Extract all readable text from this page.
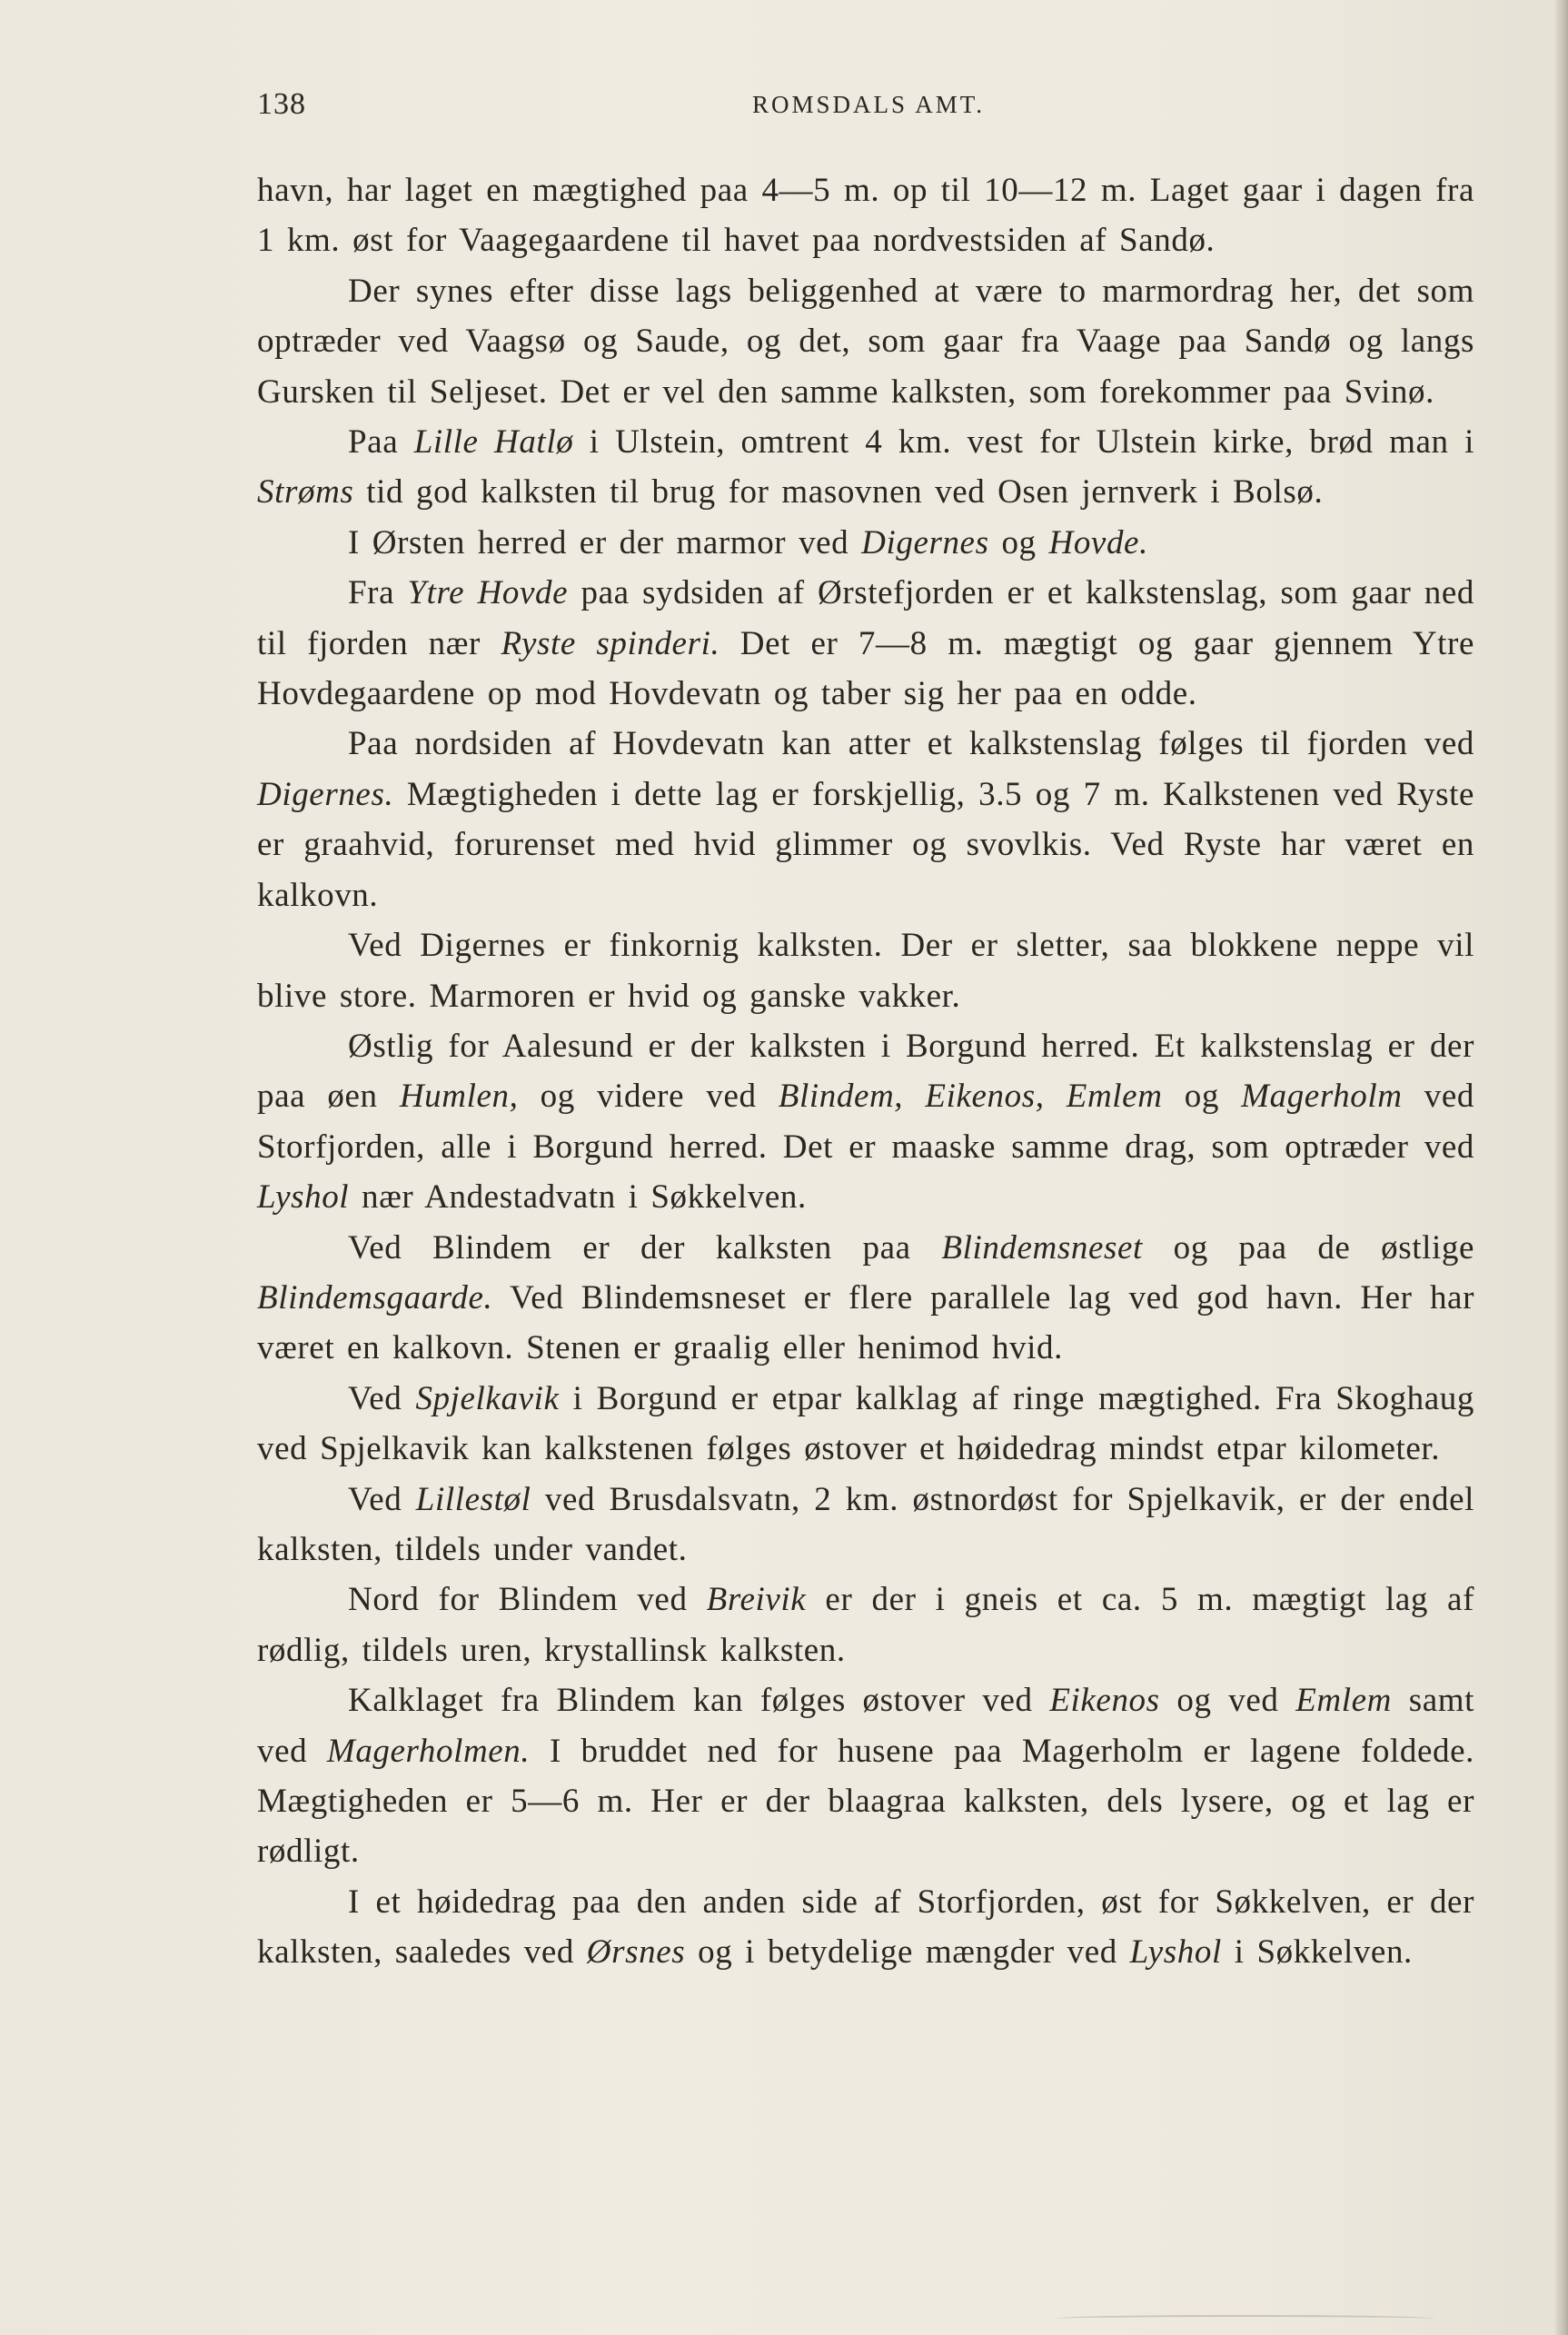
138	ROMSDALS AMT.

havn, har laget en mægtighed paa 4—5 m. op til 10—12 m. Laget gaar i dagen fra 1 km. øst for Vaagegaardene til havet paa nordvestsiden af Sandø.

Der synes efter disse lags beliggenhed at være to marmordrag her, det som optræder ved Vaagsø og Saude, og det, som gaar fra Vaage paa Sandø og langs Gursken til Seljeset. Det er vel den samme kalksten, som forekommer paa Svinø.

Paa Lille Hatlø i Ulstein, omtrent 4 km. vest for Ulstein kirke, brød man i Strøms tid god kalksten til brug for masovnen ved Osen jernverk i Bolsø.

I Ørsten herred er der marmor ved Digernes og Hovde.

Fra Ytre Hovde paa sydsiden af Ørstefjorden er et kalkstenslag, som gaar ned til fjorden nær Ryste spinderi. Det er 7—8 m. mægtigt og gaar gjennem Ytre Hovdegaardene op mod Hovdevatn og taber sig her paa en odde.

Paa nordsiden af Hovdevatn kan atter et kalkstenslag følges til fjorden ved Digernes. Mægtigheden i dette lag er forskjellig, 3.5 og 7 m. Kalkstenen ved Ryste er graahvid, forurenset med hvid glimmer og svovlkis. Ved Ryste har været en kalkovn.

Ved Digernes er finkornig kalksten. Der er sletter, saa blokkene neppe vil blive store. Marmoren er hvid og ganske vakker.

Østlig for Aalesund er der kalksten i Borgund herred. Et kalkstenslag er der paa øen Humlen, og videre ved Blindem, Eikenos, Emlem og Magerholm ved Storfjorden, alle i Borgund herred. Det er maaske samme drag, som optræder ved Lyshol nær Andestadvatn i Søkkelven.

Ved Blindem er der kalksten paa Blindemsneset og paa de østlige Blindemsgaarde. Ved Blindemsneset er flere parallele lag ved god havn. Her har været en kalkovn. Stenen er graalig eller henimod hvid.

Ved Spjelkavik i Borgund er etpar kalklag af ringe mægtighed. Fra Skoghaug ved Spjelkavik kan kalkstenen følges østover et høidedrag mindst etpar kilometer.

Ved Lillestøl ved Brusdalsvatn, 2 km. østnordøst for Spjelkavik, er der endel kalksten, tildels under vandet.

Nord for Blindem ved Breivik er der i gneis et ca. 5 m. mægtigt lag af rødlig, tildels uren, krystallinsk kalksten.

Kalklaget fra Blindem kan følges østover ved Eikenos og ved Emlem samt ved Magerholmen. I bruddet ned for husene paa Magerholm er lagene foldede. Mægtigheden er 5—6 m. Her er der blaagraa kalksten, dels lysere, og et lag er rødligt.

I et høidedrag paa den anden side af Storfjorden, øst for Søkkelven, er der kalksten, saaledes ved Ørsnes og i betydelige mængder ved Lyshol i Søkkelven.
